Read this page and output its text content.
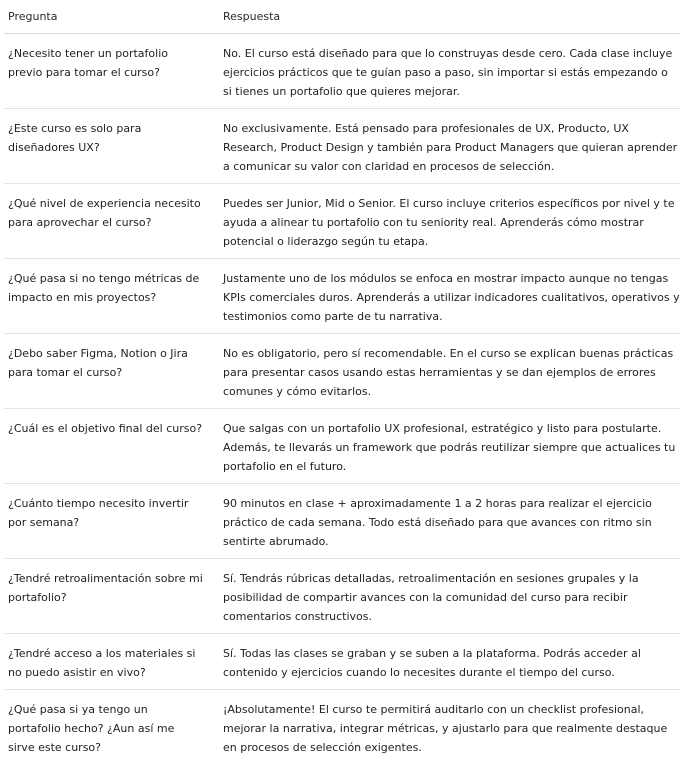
Pregunta	Respuesta
¿Necesito tener un portafolio previo para tomar el curso?	No. El curso está diseñado para que lo construyas desde cero. Cada clase incluye ejercicios prácticos que te guían paso a paso, sin importar si estás empezando o si tienes un portafolio que quieres mejorar.
¿Este curso es solo para diseñadores UX?	No exclusivamente. Está pensado para profesionales de UX, Producto, UX Research, Product Design y también para Product Managers que quieran aprender a comunicar su valor con claridad en procesos de selección.
¿Qué nivel de experiencia necesito para aprovechar el curso?	Puedes ser Junior, Mid o Senior. El curso incluye criterios específicos por nivel y te ayuda a alinear tu portafolio con tu seniority real. Aprenderás cómo mostrar potencial o liderazgo según tu etapa.
¿Qué pasa si no tengo métricas de impacto en mis proyectos?	Justamente uno de los módulos se enfoca en mostrar impacto aunque no tengas KPIs comerciales duros. Aprenderás a utilizar indicadores cualitativos, operativos y testimonios como parte de tu narrativa.
¿Debo saber Figma, Notion o Jira para tomar el curso?	No es obligatorio, pero sí recomendable. En el curso se explican buenas prácticas para presentar casos usando estas herramientas y se dan ejemplos de errores comunes y cómo evitarlos.
¿Cuál es el objetivo final del curso?	Que salgas con un portafolio UX profesional, estratégico y listo para postularte. Además, te llevarás un framework que podrás reutilizar siempre que actualices tu portafolio en el futuro.
¿Cuánto tiempo necesito invertir por semana?	90 minutos en clase + aproximadamente 1 a 2 horas para realizar el ejercicio práctico de cada semana. Todo está diseñado para que avances con ritmo sin sentirte abrumado.
¿Tendré retroalimentación sobre mi portafolio?	Sí. Tendrás rúbricas detalladas, retroalimentación en sesiones grupales y la posibilidad de compartir avances con la comunidad del curso para recibir comentarios constructivos.
¿Tendré acceso a los materiales si no puedo asistir en vivo?	Sí. Todas las clases se graban y se suben a la plataforma. Podrás acceder al contenido y ejercicios cuando lo necesites durante el tiempo del curso.
¿Qué pasa si ya tengo un portafolio hecho? ¿Aun así me sirve este curso?	¡Absolutamente! El curso te permitirá auditarlo con un checklist profesional, mejorar la narrativa, integrar métricas, y ajustarlo para que realmente destaque en procesos de selección exigentes.
